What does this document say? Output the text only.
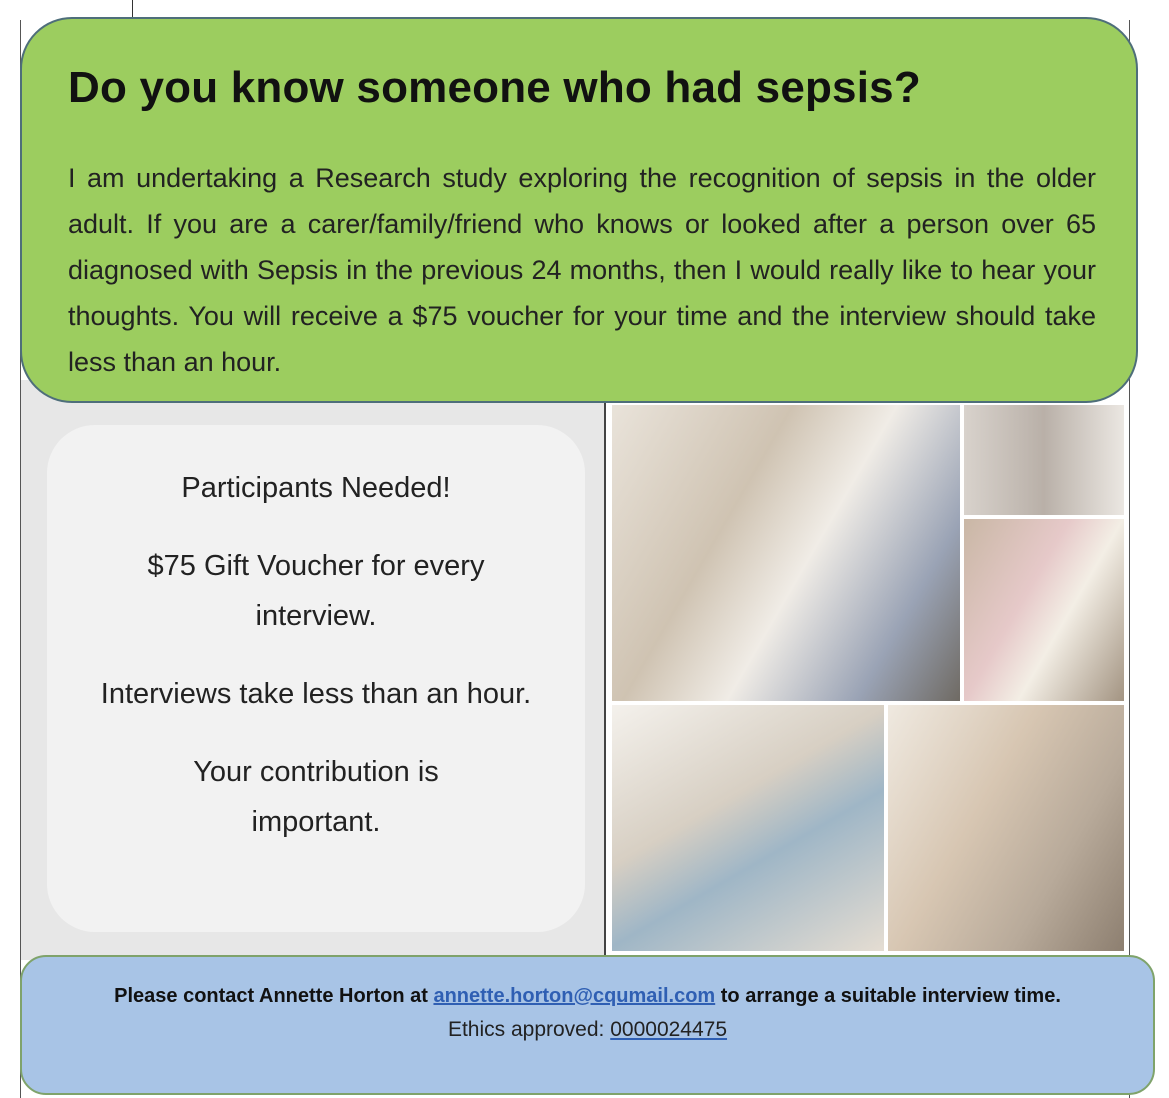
Do you know someone who had sepsis?

I am undertaking a Research study exploring the recognition of sepsis in the older adult. If you are a carer/family/friend who knows or looked after a person over 65 diagnosed with Sepsis in the previous 24 months, then I would really like to hear your thoughts. You will receive a $75 voucher for your time and the interview should take less than an hour.

Participants Needed!

$75 Gift Voucher for every interview.

Interviews take less than an hour.

Your contribution is important.

Please contact Annette Horton at annette.horton@cqumail.com to arrange a suitable interview time.

Ethics approved: 0000024475
